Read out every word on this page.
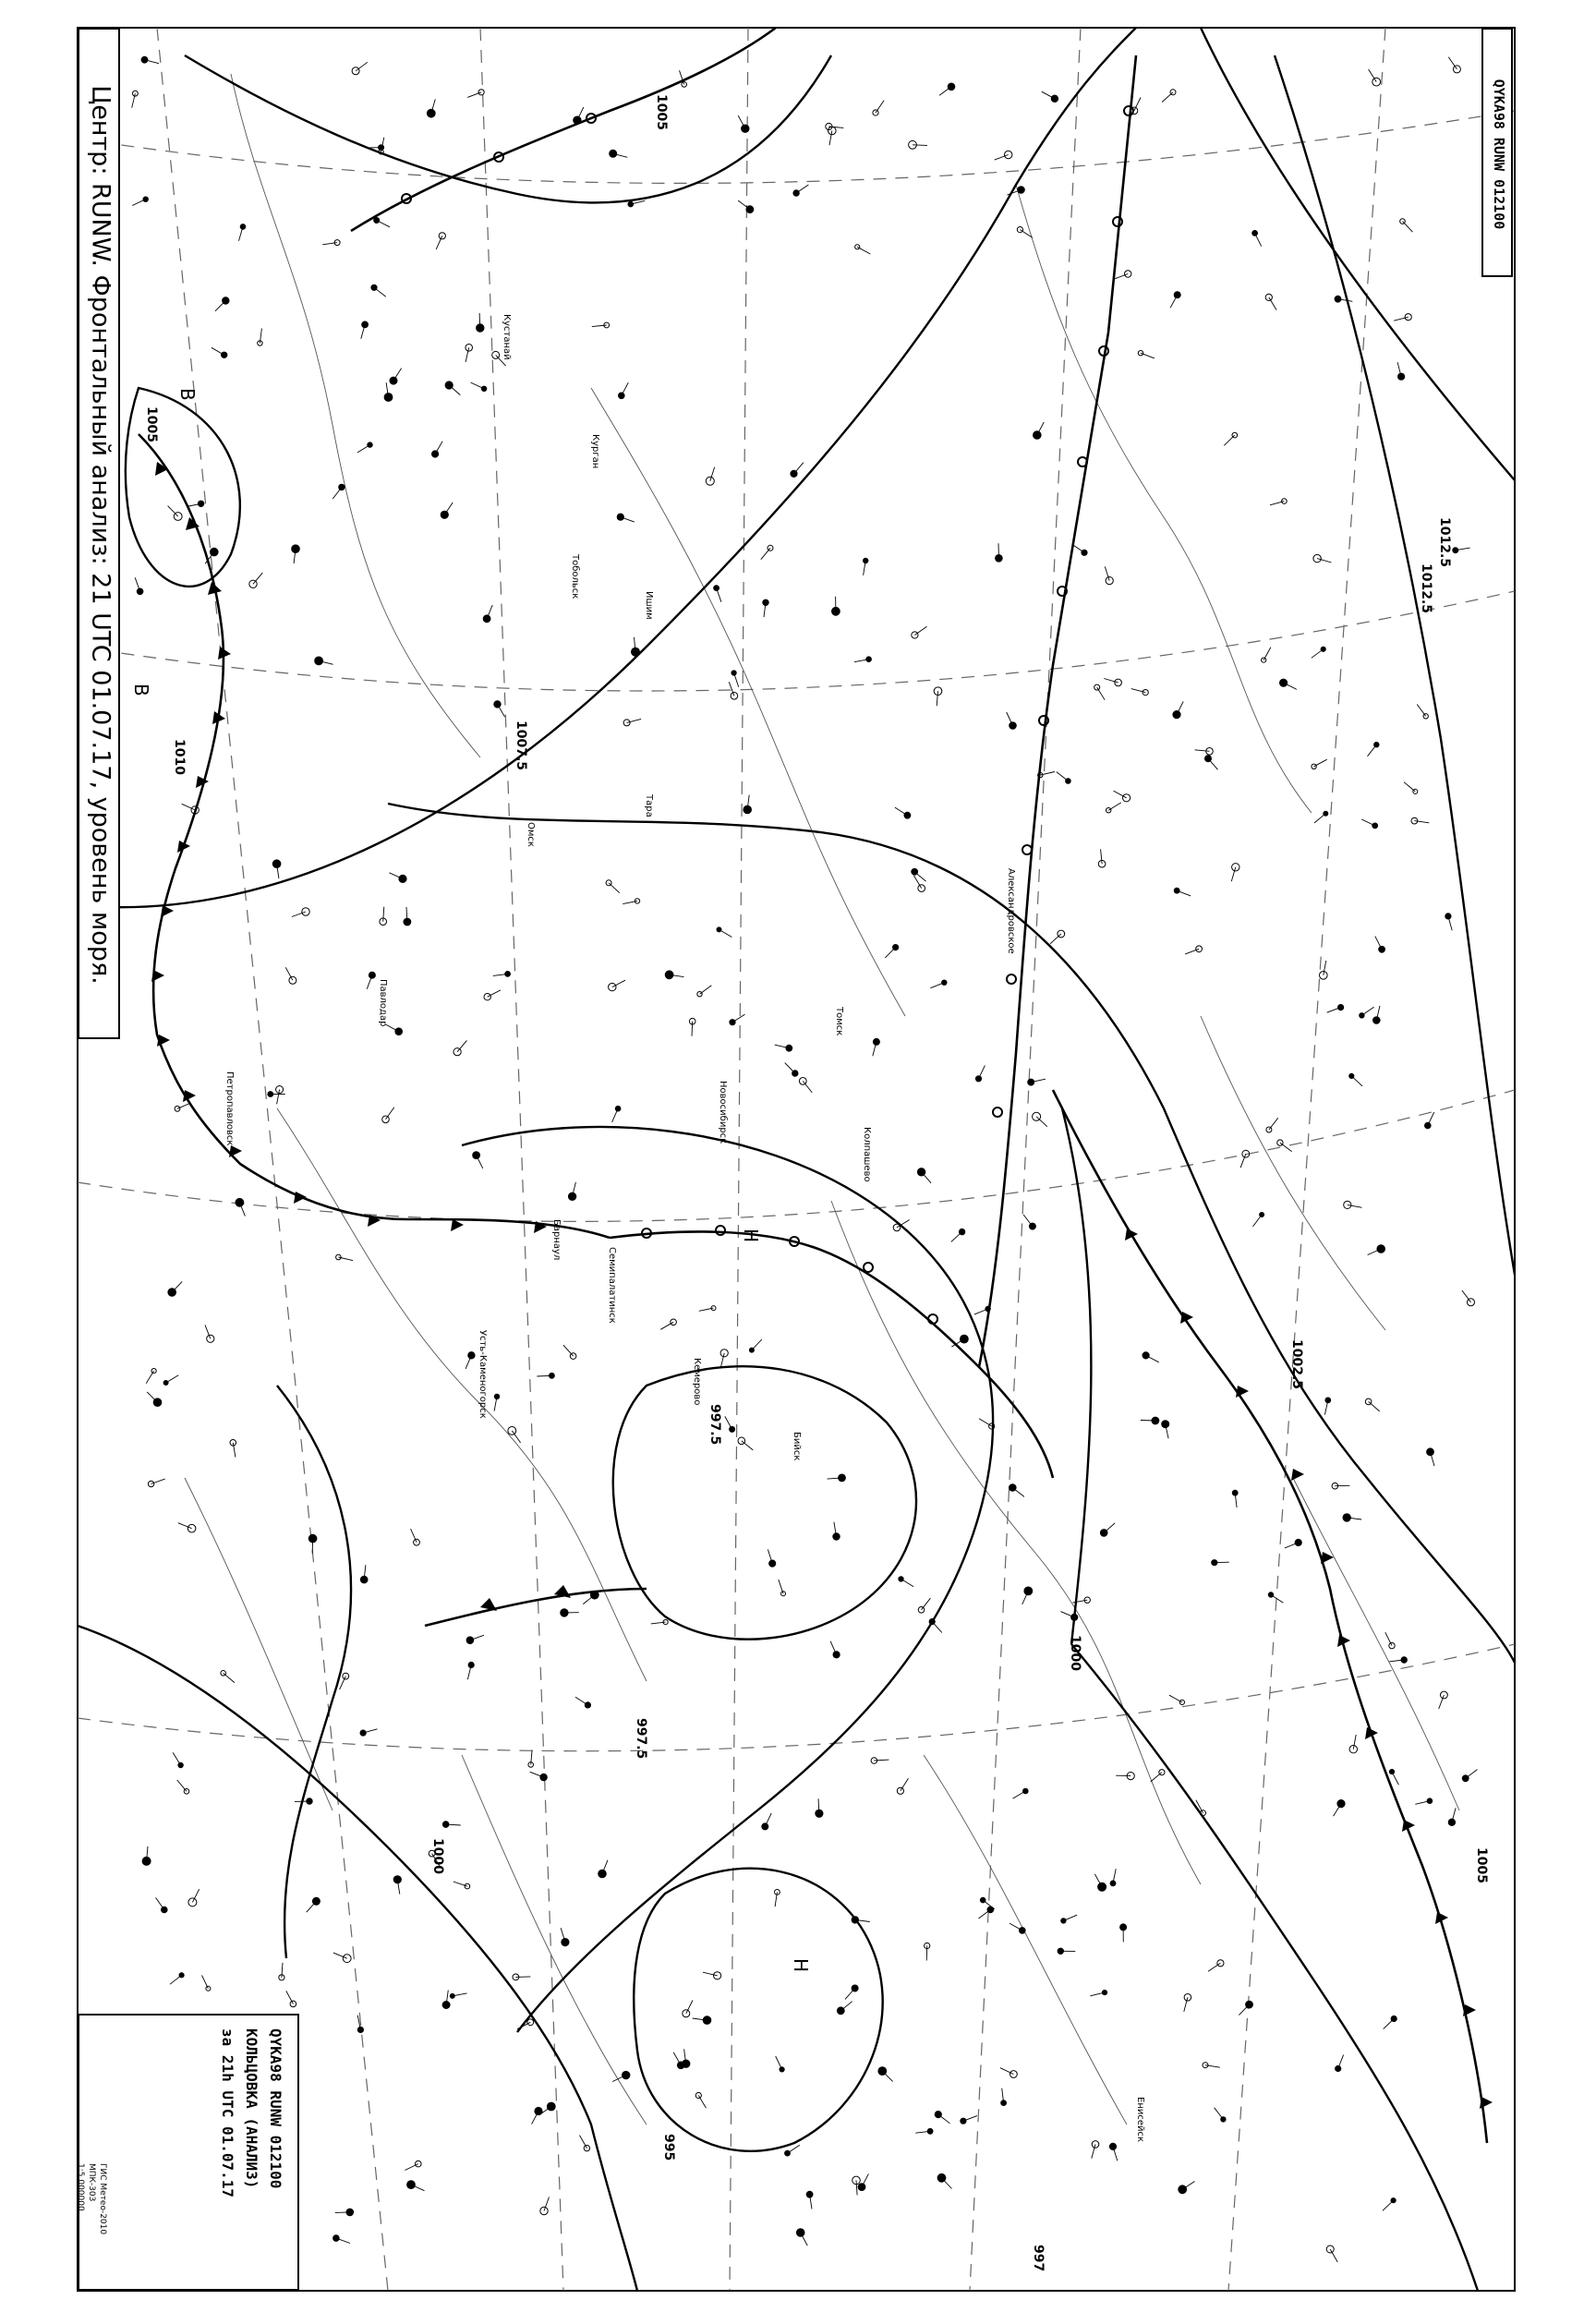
1005
1012.5
1010	1007.5
1005
997.5
1000
1002.5
1005
997.5
995
997
1000
1012.5
В
В
Н
Н
Кустанай
Курган
Омск
Тара
Тобольск
Ишим
Александровское
Новосибирск
Барнаул
Колпашево
Енисейск
Кемерово
Петропавловск
Павлодар
Семипалатинск
Усть-Каменогорск
Бийск
Томск
Центр: RUNW. Фронтальный анализ: 21 UTC 01.07.17, уровень моря.	QYKA98 RUNW 012100
QYKA98 RUNW 012100
КОЛЬЦОВКА (АНАЛИЗ)
за 21h UTC 01.07.17
ГИС Метео-2010
МПК-303
1:5 000000
